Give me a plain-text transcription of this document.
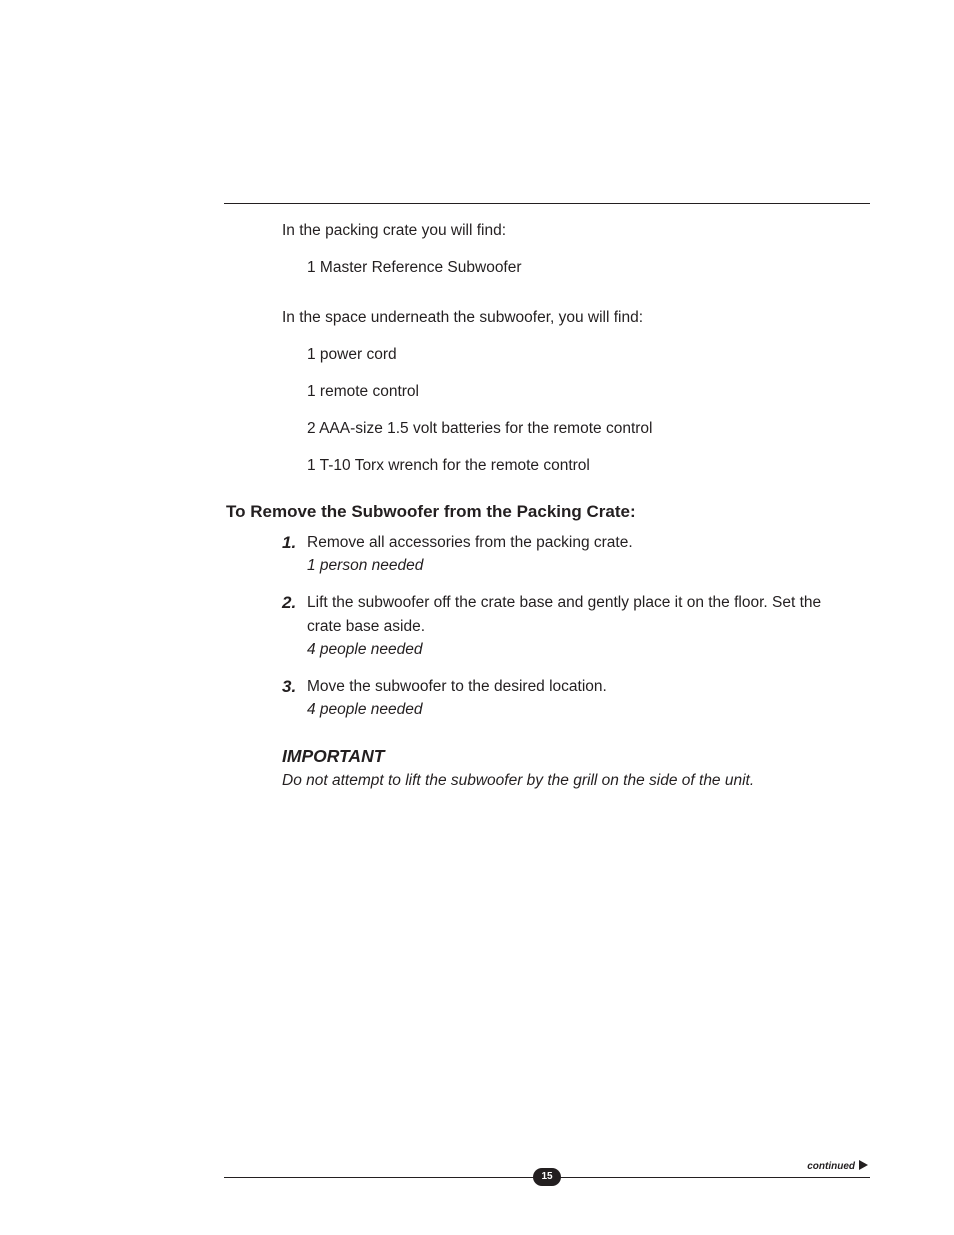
In the packing crate you will find:
1 Master Reference Subwoofer
In the space underneath the subwoofer, you will find:
1 power cord
1 remote control
2 AAA-size 1.5 volt batteries for the remote control
1 T-10 Torx wrench for the remote control
To Remove the Subwoofer from the Packing Crate:
1. Remove all accessories from the packing crate.
1 person needed
2. Lift the subwoofer off the crate base and gently place it on the floor. Set the crate base aside.
4 people needed
3. Move the subwoofer to the desired location.
4 people needed
IMPORTANT
Do not attempt to lift the subwoofer by the grill on the side of the unit.
continued
15
